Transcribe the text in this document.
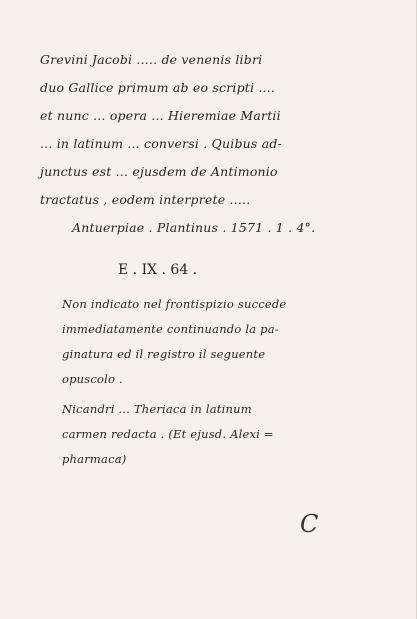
Grevini Jacobi ..... de venenis libri
duo Gallice primum ab eo scripti ....
et nunc ... opera ... Hieremiae Martii
... in latinum ... conversi . Quibus ad-
junctus est ... ejusdem de Antimonio
tractatus , eodem interprete .....
Antuerpiae . Plantinus . 1571 . 1 . 4°.
E . IX . 64 .
Non indicato nel frontispizio succede
immediatamente continuando la pa-
ginatura ed il registro il seguente
opuscolo .
Nicandri ... Theriaca in latinum
carmen redacta . (Et ejusd. Alexi =
pharmaca)
C
